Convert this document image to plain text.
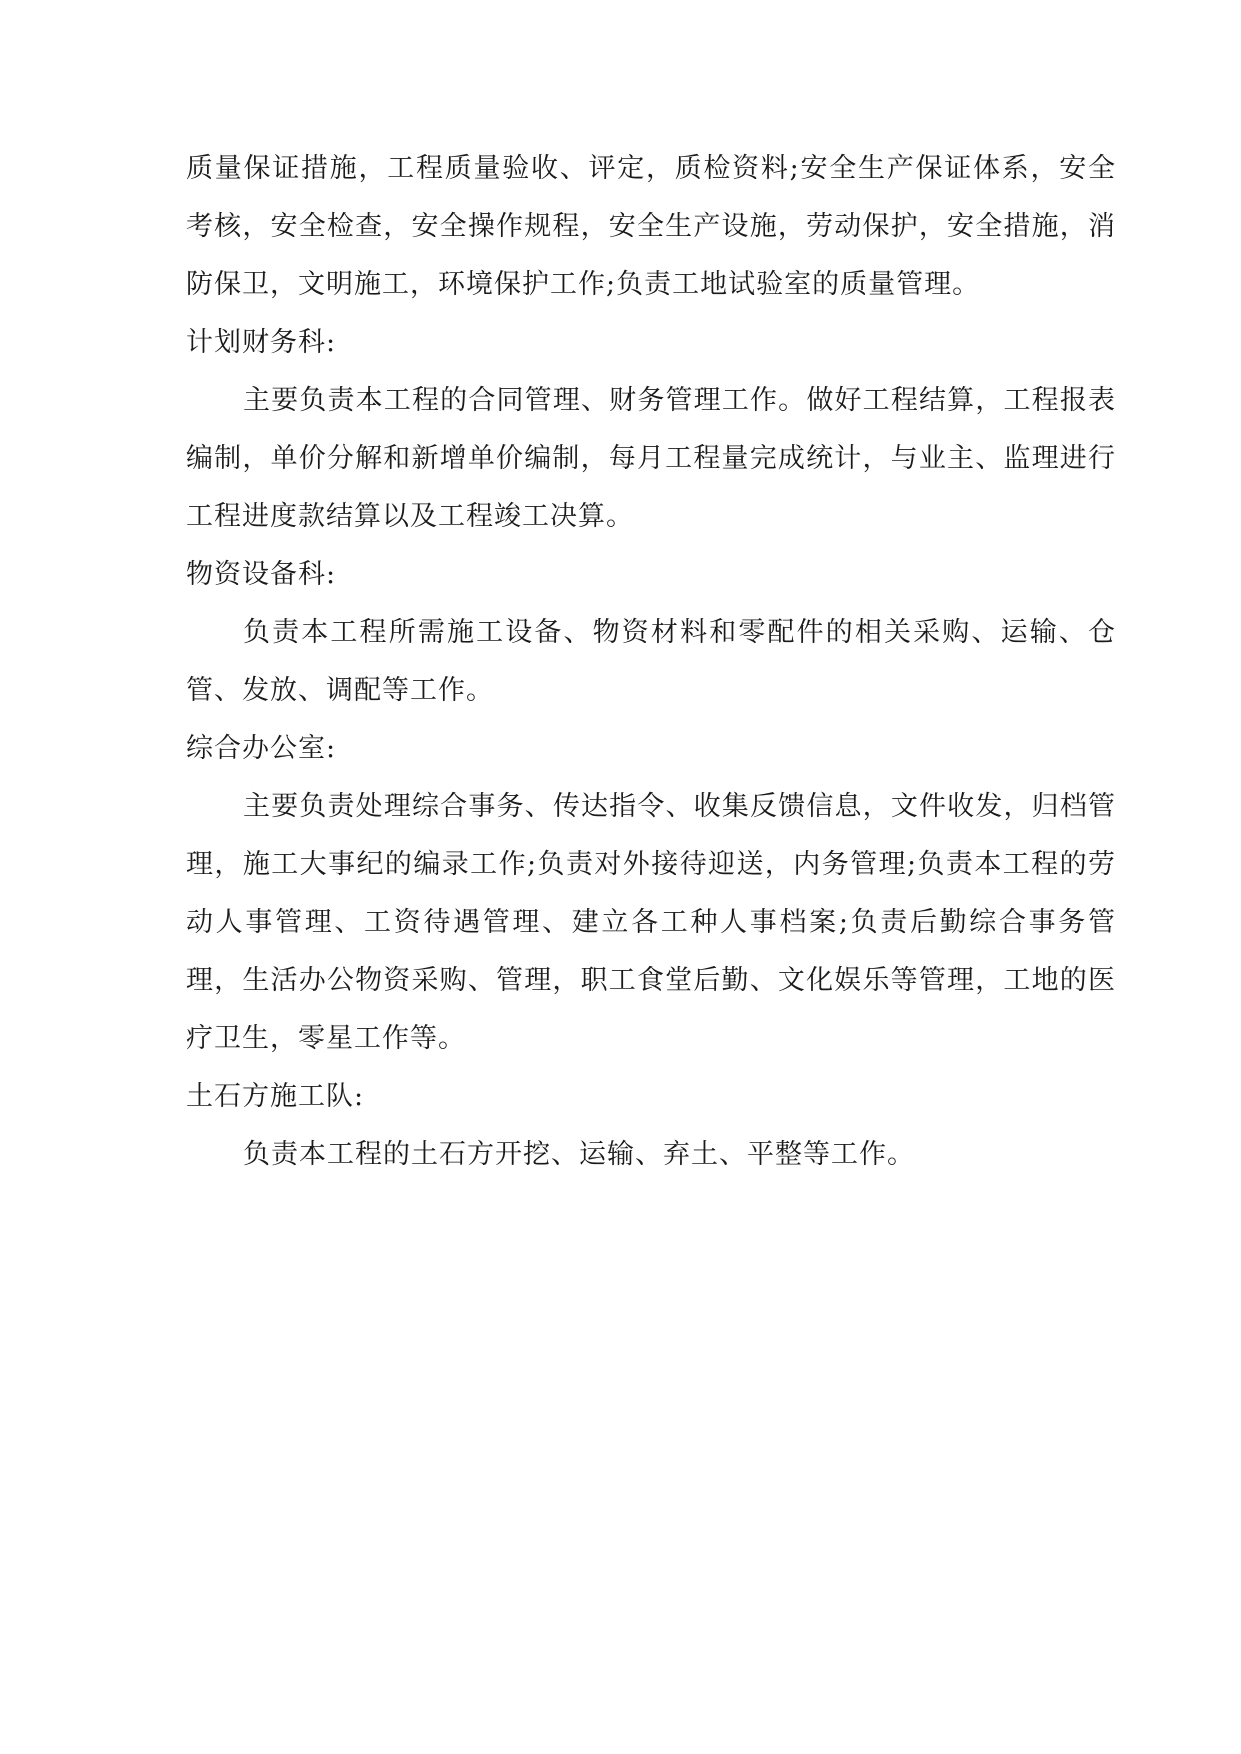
质量保证措施，工程质量验收、评定，质检资料;安全生产保证体系，安全考核，安全检查，安全操作规程，安全生产设施，劳动保护，安全措施，消防保卫，文明施工，环境保护工作;负责工地试验室的质量管理。

计划财务科:

主要负责本工程的合同管理、财务管理工作。做好工程结算，工程报表编制，单价分解和新增单价编制，每月工程量完成统计，与业主、监理进行工程进度款结算以及工程竣工决算。

物资设备科:

负责本工程所需施工设备、物资材料和零配件的相关采购、运输、仓管、发放、调配等工作。

综合办公室:

主要负责处理综合事务、传达指令、收集反馈信息，文件收发，归档管理，施工大事纪的编录工作;负责对外接待迎送，内务管理;负责本工程的劳动人事管理、工资待遇管理、建立各工种人事档案;负责后勤综合事务管理，生活办公物资采购、管理，职工食堂后勤、文化娱乐等管理，工地的医疗卫生，零星工作等。

土石方施工队:

负责本工程的土石方开挖、运输、弃土、平整等工作。
